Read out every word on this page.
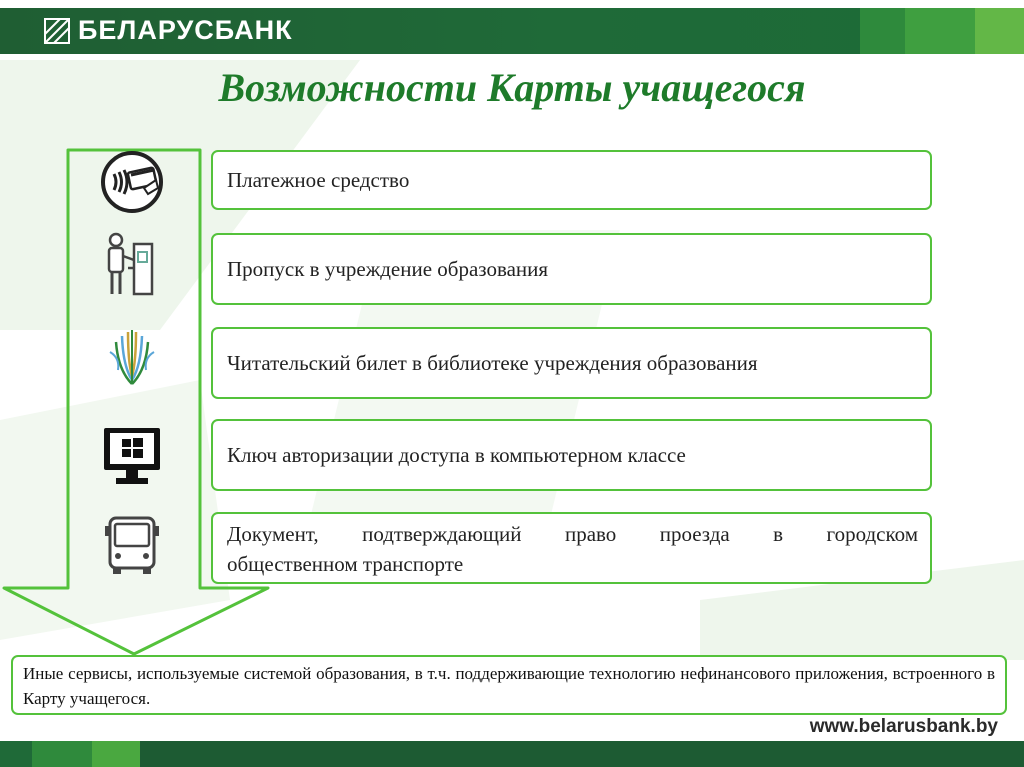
БЕЛАРУСБАНК
Возможности Карты учащегося
Платежное средство
Пропуск в учреждение образования
Читательский билет в библиотеке учреждения образования
Ключ авторизации доступа в компьютерном классе
Документ, подтверждающий право проезда в городском
общественном транспорте
Иные сервисы, используемые системой образования, в т.ч. поддерживающие технологию нефинансового приложения, встроенного в Карту учащегося.
www.belarusbank.by
